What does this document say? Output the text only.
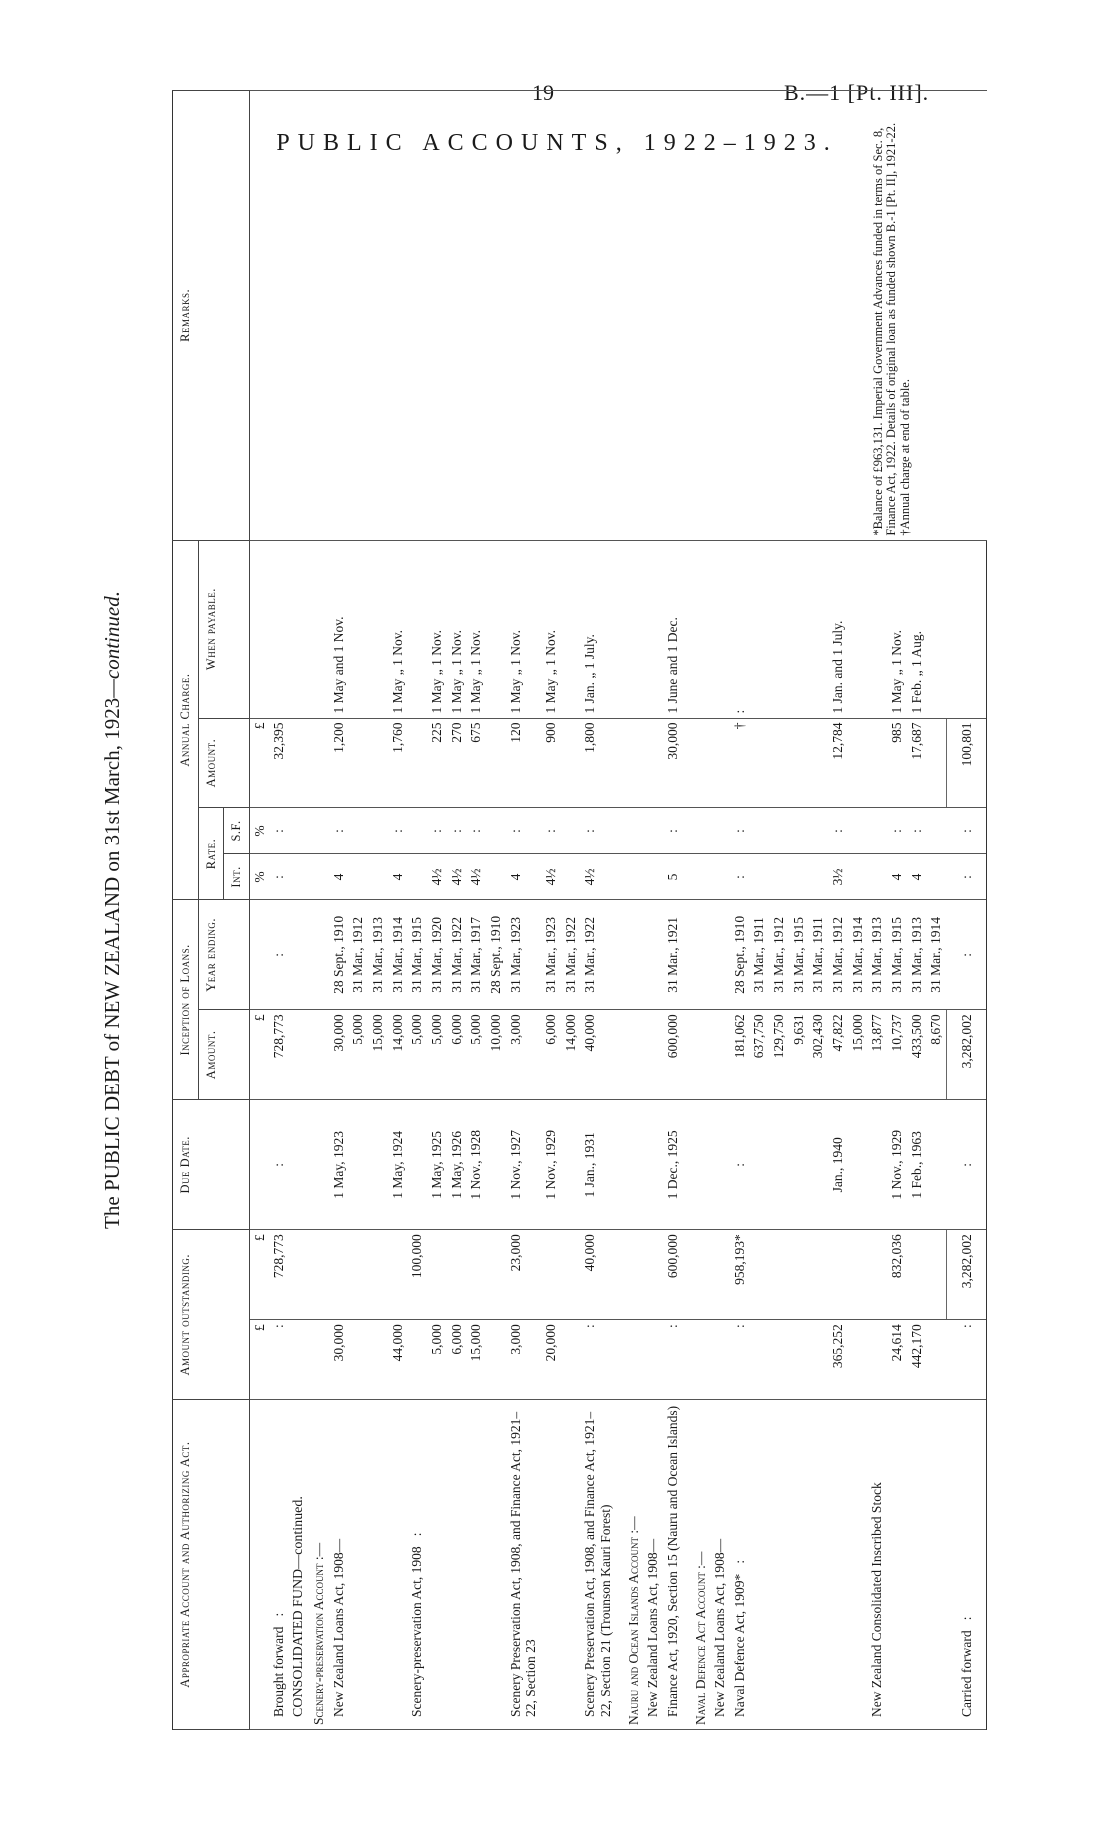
19	B.—1 [Pt. III].
PUBLIC ACCOUNTS, 1922–1923.
The PUBLIC DEBT of NEW ZEALAND on 31st March, 1923—continued.
Appropriate Account and Authorizing Act.	Amount outstanding.		Due Date.	Inception of Loans.		Annual Charge.				Remarks.
				Amount.	Year ending.	Rate.		Amount.	When payable.	
						Int.	S.F.			
	£	£		£		%	%	£		*Balance of £963,131. Imperial Government Advances funded in terms of Sec. 8, Finance Act, 1922. Details of original loan as funded shown B.-1 [Pt. II], 1921-22. †Annual charge at end of table.

Brought forward   :	:	728,773	:	728,773	:	:	:	32,395		
CONSOLIDATED FUND—continued.										
Scenery-preservation Account :—										
New Zealand Loans Act, 1908—	30,000		1 May, 1923	30,000	28 Sept., 1910	4	:	1,200	1 May and 1 Nov.	
				5,000	31 Mar., 1912					
				15,000	31 Mar., 1913					
	44,000		1 May, 1924	14,000	31 Mar., 1914	4	:	1,760	1 May „ 1 Nov.	
Scenery-preservation Act, 1908   :		100,000		5,000	31 Mar., 1915					
	5,000		1 May, 1925	5,000	31 Mar., 1920	4½	:	225	1 May „ 1 Nov.	
	6,000		1 May, 1926	6,000	31 Mar., 1922	4½	:	270	1 May „ 1 Nov.	
	15,000		1 Nov., 1928	5,000	31 Mar., 1917	4½	:	675	1 May „ 1 Nov.	
				10,000	28 Sept., 1910					
Scenery Preservation Act, 1908, and Finance Act, 1921–22, Section 23	3,000	23,000	1 Nov., 1927	3,000	31 Mar., 1923	4	:	120	1 May „ 1 Nov.	
	20,000		1 Nov., 1929	6,000	31 Mar., 1923	4½	:	900	1 May „ 1 Nov.	
				14,000	31 Mar., 1922					
Scenery Preservation Act, 1908, and Finance Act, 1921–22, Section 21 (Trounson Kauri Forest)	:	40,000	1 Jan., 1931	40,000	31 Mar., 1922	4½	:	1,800	1 Jan. „ 1 July.	
Nauru and Ocean Islands Account :—										
New Zealand Loans Act, 1908—										
Finance Act, 1920, Section 15 (Nauru and Ocean Islands)	:	600,000	1 Dec., 1925	600,000	31 Mar., 1921	5	:	30,000	1 June and 1 Dec.	
Naval Defence Act Account :—										
New Zealand Loans Act, 1908—										
Naval Defence Act, 1909*   :	:	958,193*	:	181,062	28 Sept., 1910	:	:	†	:	
				637,750	31 Mar., 1911					
				129,750	31 Mar., 1912					
				9,631	31 Mar., 1915					
				302,430	31 Mar., 1911					
	365,252		Jan., 1940	47,822	31 Mar., 1912	3½	:	12,784	1 Jan. and 1 July.	
				15,000	31 Mar., 1914					
New Zealand Consolidated Inscribed Stock				13,877	31 Mar., 1913					
	24,614	832,036	1 Nov., 1929	10,737	31 Mar., 1915	4	:	985	1 May „ 1 Nov.	
	442,170		1 Feb., 1963	433,500	31 Mar., 1913	4	:	17,687	1 Feb. „ 1 Aug.	
				8,670	31 Mar., 1914					
Carried forward   :	:	3,282,002	:	3,282,002	:	:	:	100,801		
